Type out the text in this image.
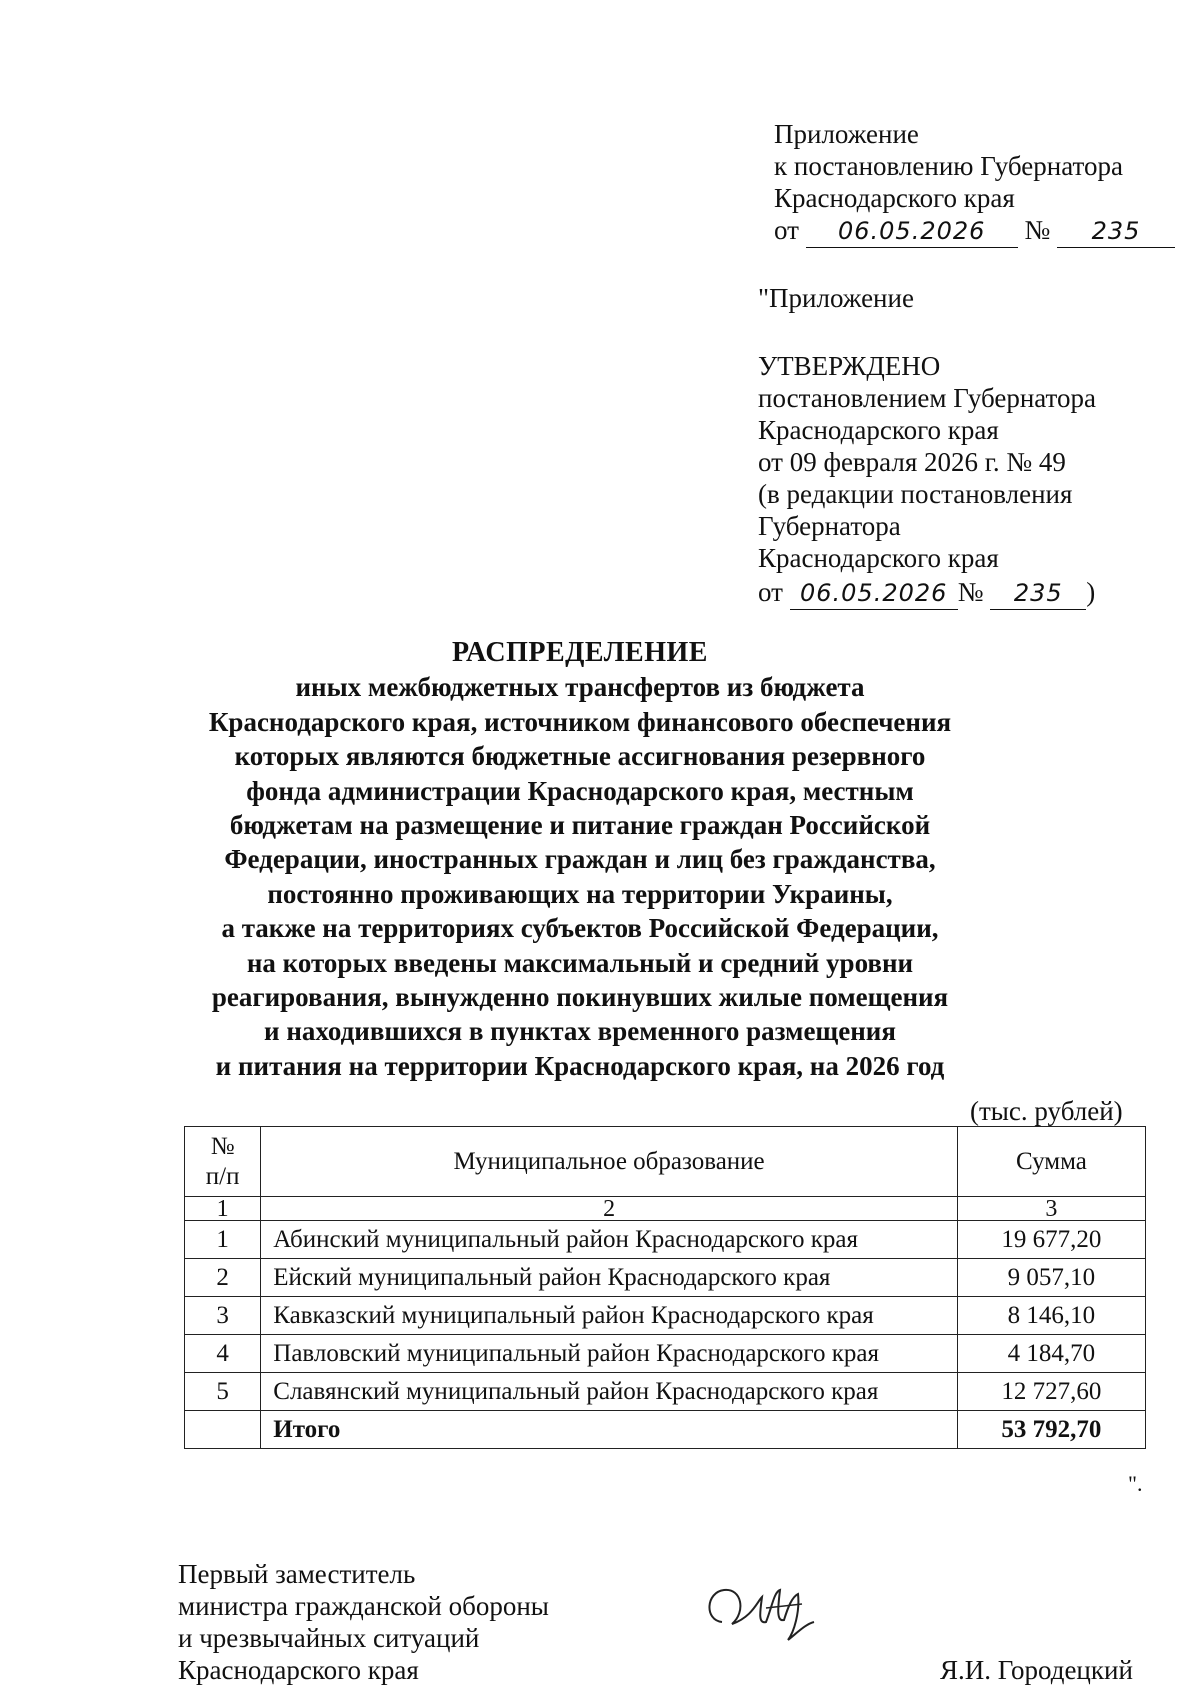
Приложение
к постановлению Губернатора
Краснодарского края
от 06.05.2026 № 235
"Приложение
УТВЕРЖДЕНО
постановлением Губернатора
Краснодарского края
от 09 февраля 2026 г. № 49
(в редакции постановления
Губернатора
Краснодарского края
от 06.05.2026 № 235 )
РАСПРЕДЕЛЕНИЕ
иных межбюджетных трансфертов из бюджета
Краснодарского края, источником финансового обеспечения
которых являются бюджетные ассигнования резервного
фонда администрации Краснодарского края, местным
бюджетам на размещение и питание граждан Российской
Федерации, иностранных граждан и лиц без гражданства,
постоянно проживающих на территории Украины,
а также на территориях субъектов Российской Федерации,
на которых введены максимальный и средний уровни
реагирования, вынужденно покинувших жилые помещения
и находившихся в пунктах временного размещения
и питания на территории Краснодарского края, на 2026 год
(тыс. рублей)
№
п/п	Муниципальное образование	Сумма
1	2	3
1	Абинский муниципальный район Краснодарского края	19 677,20
2	Ейский муниципальный район Краснодарского края	9 057,10
3	Кавказский муниципальный район Краснодарского края	8 146,10
4	Павловский муниципальный район Краснодарского края	4 184,70
5	Славянский муниципальный район Краснодарского края	12 727,60
	Итого	53 792,70
".
Первый заместитель
министра гражданской обороны
и чрезвычайных ситуаций
Краснодарского края	Я.И. Городецкий
